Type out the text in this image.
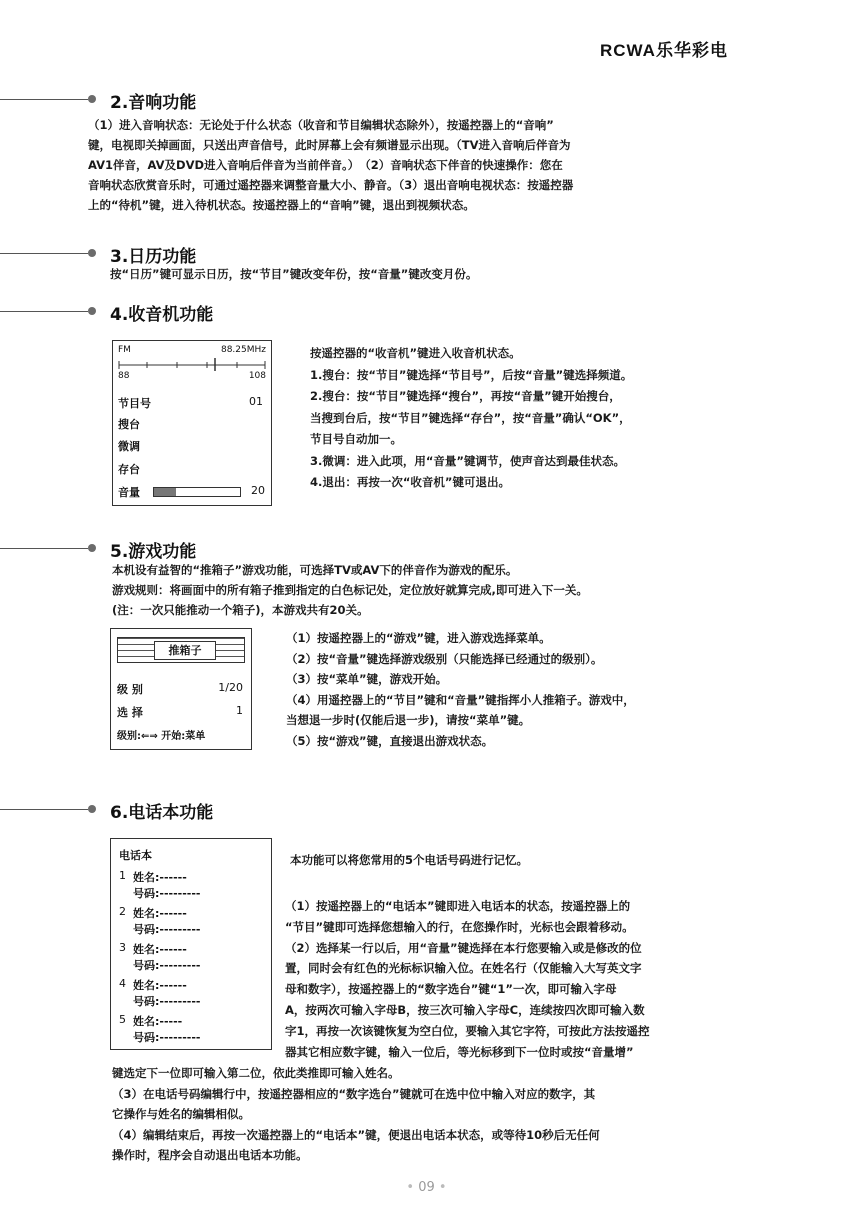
RCWA乐华彩电
2.音响功能
（1）进入音响状态：无论处于什么状态（收音和节目编辑状态除外），按遥控器上的“音响”
键，电视即关掉画面，只送出声音信号，此时屏幕上会有频谱显示出现。（TV进入音响后伴音为
AV1伴音，AV及DVD进入音响后伴音为当前伴音。）　（2）音响状态下伴音的快速操作：您在
音响状态欣赏音乐时，可通过遥控器来调整音量大小、静音。（3）退出音响电视状态：按遥控器
上的“待机”键，进入待机状态。按遥控器上的“音响”键，退出到视频状态。
3.日历功能
按“日历”键可显示日历，按“节目”键改变年份，按“音量”键改变月份。
4.收音机功能
FM	88.25MHz
88	108
节目号	01
搜台
微调
存台
音量	20
按遥控器的“收音机”键进入收音机状态。
1.搜台：按“节目”键选择“节目号”，后按“音量”键选择频道。
2.搜台：按“节目”键选择“搜台”，再按“音量”键开始搜台，
当搜到台后，按“节目”键选择“存台”，按“音量”确认“OK”，
节目号自动加一。
3.微调：进入此项，用“音量”键调节，使声音达到最佳状态。
4.退出：再按一次“收音机”键可退出。
5.游戏功能
本机设有益智的“推箱子”游戏功能，可选择TV或AV下的伴音作为游戏的配乐。
游戏规则：将画面中的所有箱子推到指定的白色标记处，定位放好就算完成,即可进入下一关。
(注：一次只能推动一个箱子)，本游戏共有20关。
推箱子
级 别	1/20
选 择	1
级别:⇐⇒ 开始:菜单
（1）按遥控器上的“游戏”键，进入游戏选择菜单。
（2）按“音量”键选择游戏级别（只能选择已经通过的级别）。
（3）按“菜单”键，游戏开始。
（4）用遥控器上的“节目”键和“音量”键指挥小人推箱子。游戏中，
当想退一步时(仅能后退一步)，请按“菜单”键。
（5）按“游戏”键，直接退出游戏状态。
6.电话本功能
电话本
1 姓名:------
号码:---------
2 姓名:------
号码:---------
3 姓名:------
号码:---------
4 姓名:------
号码:---------
5 姓名:-----
号码:---------
本功能可以将您常用的5个电话号码进行记忆。
（1）按遥控器上的“电话本”键即进入电话本的状态，按遥控器上的
“节目”键即可选择您想输入的行，在您操作时，光标也会跟着移动。
（2）选择某一行以后，用“音量”键选择在本行您要输入或是修改的位
置，同时会有红色的光标标识输入位。在姓名行（仅能输入大写英文字
母和数字），按遥控器上的“数字选台”键“1”一次，即可输入字母
A，按两次可输入字母B，按三次可输入字母C，连续按四次即可输入数
字1，再按一次该键恢复为空白位，要输入其它字符，可按此方法按遥控
器其它相应数字键，输入一位后，等光标移到下一位时或按“音量增”
键选定下一位即可输入第二位，依此类推即可输入姓名。
（3）在电话号码编辑行中，按遥控器相应的“数字选台”键就可在选中位中输入对应的数字，其
它操作与姓名的编辑相似。
（4）编辑结束后，再按一次遥控器上的“电话本”键，便退出电话本状态，或等待10秒后无任何
操作时，程序会自动退出电话本功能。
• 09 •
